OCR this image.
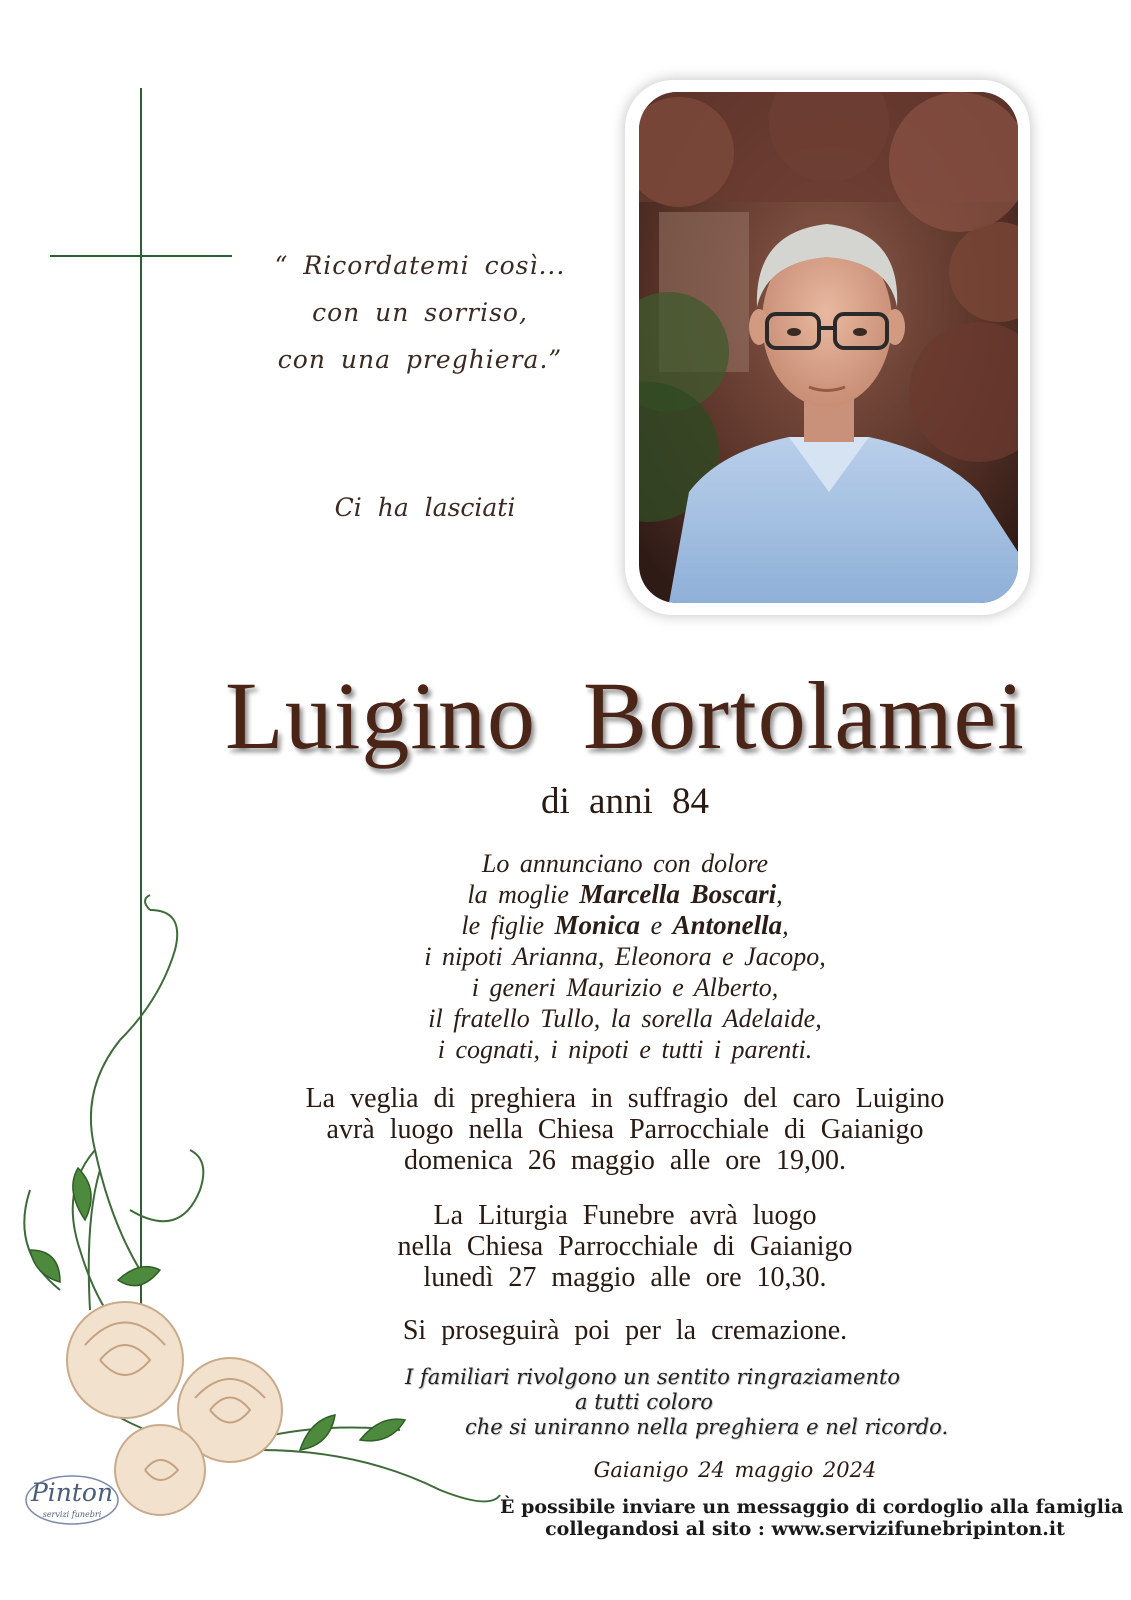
“ Ricordatemi così...
con un sorriso,
con una preghiera.”
Ci ha lasciati
Luigino Bortolamei
di anni 84
Lo annunciano con dolore
la moglie Marcella Boscari,
le figlie Monica e Antonella,
i nipoti Arianna, Eleonora e Jacopo,
i generi Maurizio e Alberto,
il fratello Tullo, la sorella Adelaide,
i cognati, i nipoti e tutti i parenti.
La veglia di preghiera in suffragio del caro Luigino
avrà luogo nella Chiesa Parrocchiale di Gaianigo
domenica 26 maggio alle ore 19,00.
La Liturgia Funebre avrà luogo
nella Chiesa Parrocchiale di Gaianigo
lunedì 27 maggio alle ore 10,30.
Si proseguirà poi per la cremazione.
I familiari rivolgono un sentito ringraziamento
a tutti coloro
che si uniranno nella preghiera e nel ricordo.
Gaianigo 24 maggio 2024
È possibile inviare un messaggio di cordoglio alla famiglia
collegandosi al sito : www.servizifunebripinton.it
Pinton
servizi funebri
